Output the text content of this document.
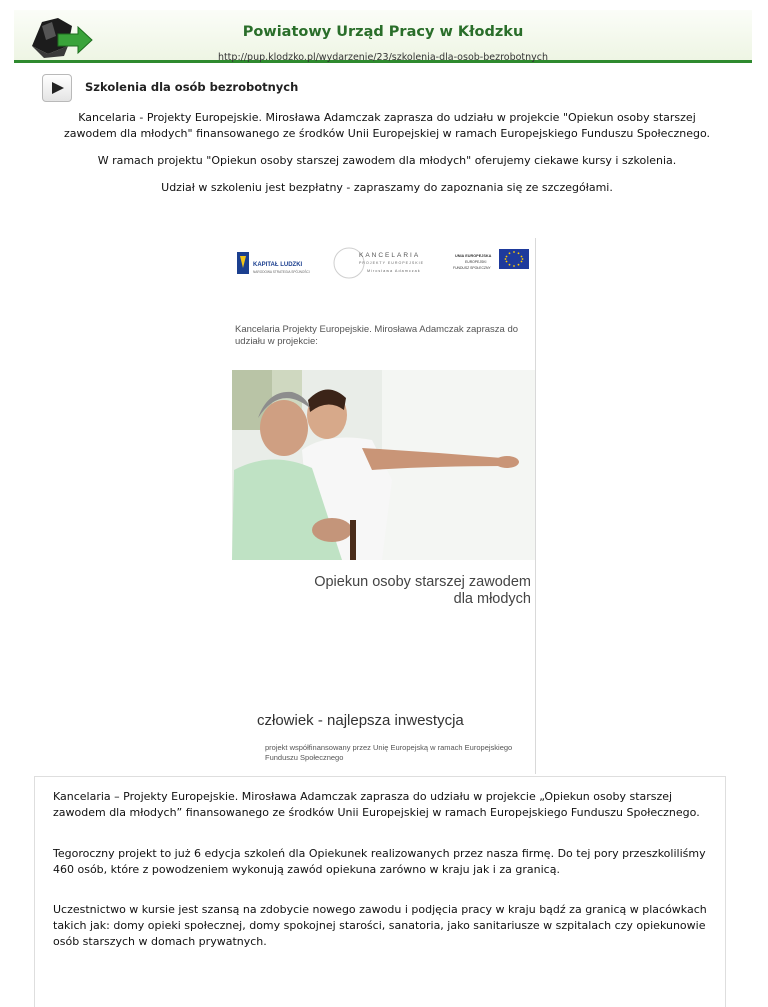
Powiatowy Urząd Pracy w Kłodzku
http://pup.klodzko.pl/wydarzenie/23/szkolenia-dla-osob-bezrobotnych
Szkolenia dla osób bezrobotnych
Kancelaria - Projekty Europejskie. Mirosława Adamczak zaprasza do udziału w projekcie "Opiekun osoby starszej zawodem dla młodych" finansowanego ze środków Unii Europejskiej w ramach Europejskiego Funduszu Społecznego.
W ramach projektu "Opiekun osoby starszej zawodem dla młodych" oferujemy ciekawe kursy i szkolenia.
Udział w szkoleniu jest bezpłatny - zapraszamy do zapoznania się ze szczegółami.
KAPITAŁ LUDZKI
NARODOWA STRATEGIA SPÓJNOŚCI
KANCELARIA
PROJEKTY EUROPEJSKIE
Mirosława Adamczak
UNIA EUROPEJSKA
EUROPEJSKI
FUNDUSZ SPOŁECZNY
Kancelaria Projekty Europejskie. Mirosława Adamczak zaprasza do udziału w projekcie:
Opiekun osoby starszej zawodem
dla młodych
człowiek - najlepsza inwestycja
projekt współfinansowany przez Unię Europejską w ramach Europejskiego Funduszu Społecznego
Kancelaria – Projekty Europejskie. Mirosława Adamczak zaprasza do udziału w projekcie „Opiekun osoby starszej zawodem dla młodych” finansowanego ze środków Unii Europejskiej w ramach Europejskiego Funduszu Społecznego.
Tegoroczny projekt to już 6 edycja szkoleń dla Opiekunek realizowanych przez nasza firmę. Do tej pory przeszkoliliśmy 460 osób, które z powodzeniem wykonują zawód opiekuna zarówno w kraju jak i za granicą.
Uczestnictwo w kursie jest szansą na zdobycie nowego zawodu i podjęcia pracy w kraju bądź za granicą w placówkach takich jak: domy opieki społecznej, domy spokojnej starości, sanatoria, jako sanitariusze w szpitalach czy opiekunowie osób starszych w domach prywatnych.
